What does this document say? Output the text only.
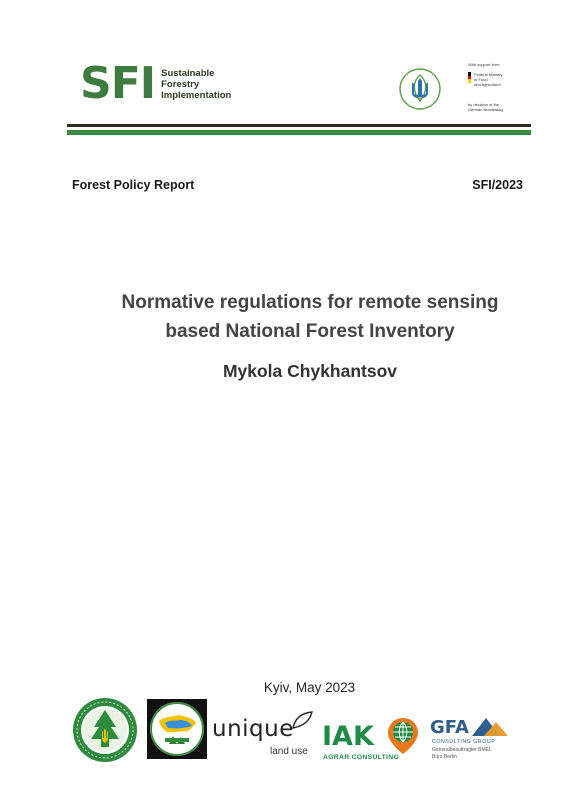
SFI Sustainable
Forestry
Implementation
With support from
Federal Ministry
of Food
and Agriculture
by decision of the
German Bundestag
Forest Policy Report	SFI/2023
Normative regulations for remote sensing
based National Forest Inventory
Mykola Chykhantsov
Kyiv, May 2023
unique
land use IAK
AGRAR CONSULTING
GFA
CONSULTING GROUP
Generalbeauftragter BMEL
Büro Berlin
